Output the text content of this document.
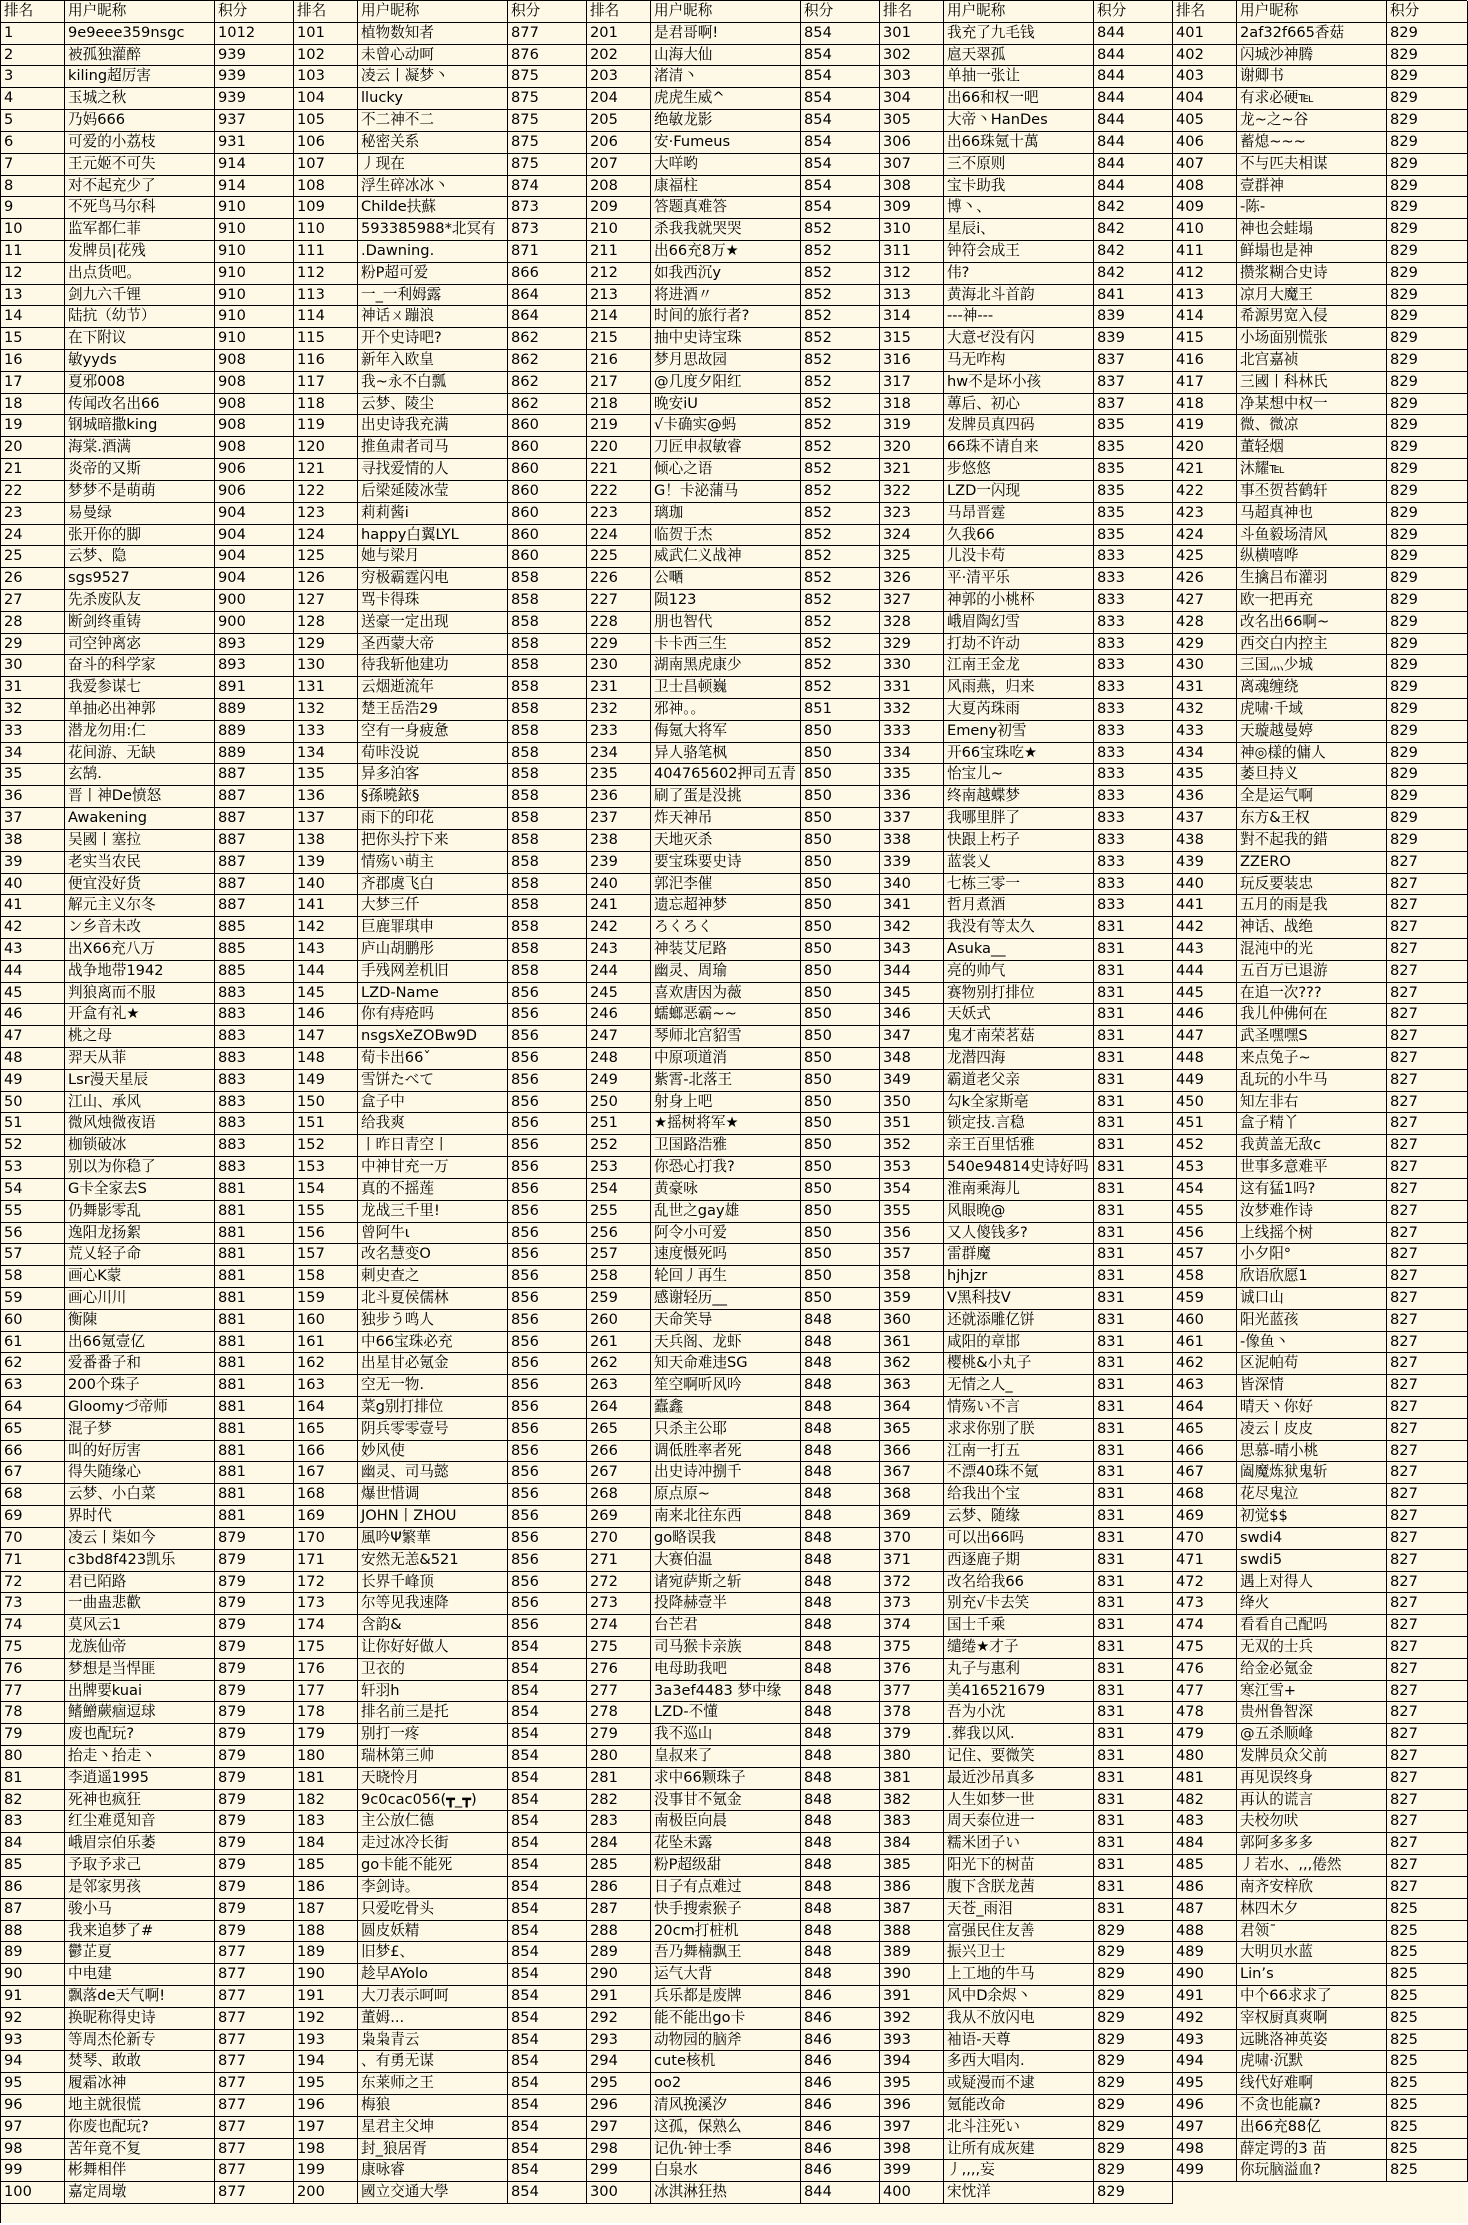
排名	用户昵称	积分
1	9e9eee359nsgc	1012
2	被孤独灌醉	939
3	kiling超厉害	939
4	玉城之秋	939
5	乃妈666	937
6	可爱的小荔枝	931
7	王元姬不可失	914
8	对不起充少了	914
9	不死鸟马尔科	910
10	监军都仁菲	910
11	发牌员|花残	910
12	出点货吧。	910
13	剑九六千锂	910
14	陆抗（幼节）	910
15	在下附议	910
16	敏yyds	908
17	夏邪008	908
18	传闻改名出66	908
19	钢城暗撒king	908
20	海棠.酒满	908
21	炎帝的又斯	906
22	梦梦不是萌萌	906
23	易曼绿	904
24	张开你的脚	904
25	云梦、隐	904
26	sgs9527	904
27	先杀废队友	900
28	断剑终重铸	900
29	司空钟离宓	893
30	奋斗的科学家	893
31	我爱参谋七	891
32	单抽必出神郭	889
33	潜龙勿用:仁	889
34	花间游、无缺	889
35	玄鹄.	887
36	晋丨神De愤怒	887
37	Awakening	887
38	吴國丨塞拉	887
39	老实当农民	887
40	便宜没好货	887
41	解元主义尔冬	887
42	ン乡音未改	885
43	出X66充八万	885
44	战争地带1942	885
45	判狼离而不服	883
46	开盒有礼★	883
47	桃之母	883
48	羿天从菲	883
49	Lsr漫天星辰	883
50	江山、承风	883
51	微风烛微夜语	883
52	枷锁破冰	883
53	别以为你稳了	883
54	G卡全家去S	881
55	仍舞影零乱	881
56	逸阳龙扬絮	881
57	荒乂轻子命	881
58	画心K蒙	881
59	画心川川	881
60	衡陳	881
61	出66氪壹亿	881
62	爱番番子和	881
63	200个珠子	881
64	Gloomyづ帝师	881
65	混子梦	881
66	叫的好厉害	881
67	得失随缘心	881
68	云梦、小白菜	881
69	界时代	881
70	凌云丨柒如今	879
71	c3bd8f423凯乐	879
72	君已陌路	879
73	一曲蛊悲歡	879
74	莫风云1	879
75	龙族仙帝	879
76	梦想是当悍匪	879
77	出牌要kuai	879
78	鳍鱛蕨痼逗球	879
79	废也配玩?	879
80	抬走丶抬走丶	879
81	李逍遥1995	879
82	死神也疯狂	879
83	红尘难觅知音	879
84	峨眉宗伯乐萎	879
85	予取予求己	879
86	是邻家男孩	879
87	骏小马	879
88	我来追梦了#	879
89	鬱芷夏	877
90	中电建	877
91	飘落de天气啊!	877
92	换昵称得史诗	877
93	等周杰伦新专	877
94	焚琴、敢敢	877
95	履霜冰神	877
96	地主就很慌	877
97	你废也配玩?	877
98	苦年竟不复	877
99	彬舞相伴	877
100	嘉定周墩	877
排名	用户昵称	积分
101	植物数知者	877
102	未曾心动呵	876
103	凌云丨凝梦丶	875
104	llucky	875
105	不二神不二	875
106	秘密关系	875
107	丿现在	875
108	浮生碎冰冰丶	874
109	Childe扶蘇	873
110	593385988*北冥有	873
111	.Dawning.	871
112	粉P超可爱	866
113	一_一利姆露	864
114	神话ㄨ蹦浪	864
115	开个史诗吧?	862
116	新年入欧皇	862
117	我~永不白瓢	862
118	云梦、陵尘	862
119	出史诗我充满	860
120	推鱼肃者司马	860
121	寻找爱情的人	860
122	后梁延陵冰莹	860
123	莉莉酱i	860
124	happy白翼LYL	860
125	她与梁月	860
126	穷极霸霆闪电	858
127	骂卡得珠	858
128	送豪一定出现	858
129	圣西蒙大帝	858
130	待我斩他建功	858
131	云烟逝流年	858
132	楚王岳浩29	858
133	空有一身疲惫	858
134	荀咔没说	858
135	异多泊客	858
136	§孫曉銥§	858
137	雨下的印花	858
138	把你头拧下来	858
139	情殇い萌主	858
140	齐郡虞飞白	858
141	大梦三仟	858
142	巨鹿罪琪申	858
143	庐山胡鹏彤	858
144	手残网差机旧	858
145	LZD-Name	856
146	你有痔疮吗	856
147	nsgsXeZOBw9D	856
148	荀卡出66ˇ	856
149	雪饼たべて	856
150	盒子中	856
151	给我爽	856
152	丨昨日青空丨	856
153	中神甘充一万	856
154	真的不摇莲	856
155	龙战三千里!	856
156	曾阿牛ι	856
157	改名慧变O	856
158	刺史查之	856
159	北斗夏侯儒林	856
160	独步う鸣人	856
161	中66宝珠必充	856
162	出星甘必氪金	856
163	空无一物.	856
164	菜g别打排位	856
165	阴兵零零壹号	856
166	妙风使	856
167	幽灵、司马懿	856
168	爆世惜调	856
169	JOHN丨ZHOU	856
170	風吟Ψ繁華	856
171	安然无恙&521	856
172	长界千峰顶	856
173	尔等见我速降	856
174	含韵&	856
175	让你好好做人	854
176	卫衣的	854
177	轩羽h	854
178	排名前三是托	854
179	别打一疼	854
180	瑞林第三帅	854
181	天晓怜月	854
182	9c0cac056(┳_┳)	854
183	主公放仁德	854
184	走过冰冷长街	854
185	go卡能不能死	854
186	李剑诗。	854
187	只爱吃骨头	854
188	圆皮妖精	854
189	旧梦£、	854
190	趁早AYolo	854
191	大刀表示呵呵	854
192	董姆...	854
193	枭枭青云	854
194	、有勇无谋	854
195	东莱师之王	854
196	梅狼	854
197	星君主父坤	854
198	封_狼居胥	854
199	康咏睿	854
200	國立交通大學	854
排名	用户昵称	积分
201	是君哥啊!	854
202	山海大仙	854
203	渚清丶	854
204	虎虎生威^	854
205	绝敏龙影	854
206	安·Fumeus	854
207	大咩哟	854
208	康福柱	854
209	答题真难答	854
210	杀我我就哭哭	852
211	出66充8万★	852
212	如我西沉y	852
213	将进酒〃	852
214	时间的旅行者?	852
215	抽中史诗宝珠	852
216	梦月思故园	852
217	@几度夕阳红	852
218	晚安iU	852
219	√卡确实@蚂	852
220	刀匠申叔敏睿	852
221	倾心之语	852
222	G！卡泌蒲马	852
223	璃珈	852
224	临贺于杰	852
225	威武仁义战神	852
226	公嗮	852
227	陨123	852
228	朋也智代	852
229	卡卡西三生	852
230	湖南黑虎康少	852
231	卫士昌顿巍	852
232	邪神。。	851
233	侮氪大将军	850
234	异人骆笔枫	850
235	404765602押司五青 850
236	刷了蛋是没挑	850
237	炸天神吊	850
238	天地灭杀	850
239	要宝珠要史诗	850
240	郭汜李催	850
241	遗忘超神梦	850
242	ろくろく	850
243	神装艾尼路	850
244	幽灵、周瑜	850
245	喜欢唐因为薇	850
246	蠕螂恶霸~~	850
247	琴师北宫貂雪	850
248	中原项道消	850
249	紫霄-北落王	850
250	射身上吧	850
251	★摇树将军★	850
252	卫国路浩雅	850
253	你恐心打我?	850
254	黄豪咏	850
255	乱世之gay雄	850
256	阿令小可爱	850
257	速度慑死吗	850
258	轮回丿再生	850
259	感谢轻历__	850
260	天命笑导	848
261	天兵阁、龙虾	848
262	知天命难违SG	848
263	笙空啊听风吟	848
264	蠹鑫	848
265	只杀主公耶	848
266	调低胜率者死	848
267	出史诗冲捌千	848
268	原点原~	848
269	南来北往东西	848
270	go略误我	848
271	大赛伯温	848
272	诸宛萨斯之斩	848
273	投降赫壹半	848
274	台芒君	848
275	司马猴卡亲族	848
276	电母助我吧	848
277	3a3ef4483 梦中缘	848
278	LZD-不懂	848
279	我不巡山	848
280	皇叔来了	848
281	求中66颗珠子	848
282	没事甘不氪金	848
283	南极臣向晨	848
284	花坠未露	848
285	粉P超级甜	848
286	日子有点难过	848
287	快手搜索猴子	848
288	20cm打桩机	848
289	吾乃舞楠飘王	848
290	运气大背	848
291	兵乐都是废牌	846
292	能不能出go卡	846
293	动物园的脑斧	846
294	cute核机	846
295	oo2	846
296	清风挽溪汐	846
297	这孤，保熟么	846
298	记仇·钟士季	846
299	白泉水	846
300	冰淇淋狂热	844
排名	用户昵称	积分
301	我充了九毛钱	844
302	扈天翠孤	844
303	单抽一张让	844
304	出66和权一吧	844
305	大帝丶HanDes	844
306	出66珠氪十萬	844
307	三不原则	844
308	宝卡助我	844
309	博丶、	842
310	星辰i、	842
311	钟符会成王	842
312	伟?	842
313	黄海北斗首韵	841
314	---神---	839
315	大意ゼ没有闪	839
316	马无咋构	837
317	hw不是坏小孩	837
318	蓴后、初心	837
319	发牌员真四码	835
320	66珠不请自来	835
321	步悠悠	835
322	LZD一闪现	835
323	马昂晋霆	835
324	久我66	835
325	儿没卡苟	833
326	平·清平乐	833
327	神郭的小桃杯	833
328	峨眉陶幻雪	833
329	打劫不许动	833
330	江南王金龙	833
331	风雨燕，归来	833
332	大夏芮珠雨	833
333	Emeny初雪	833
334	开66宝珠吃★	833
335	怡宝儿~	833
336	终南越蝶梦	833
337	我哪里胖了	833
338	快跟上朽子	833
339	蓝裳乂	833
340	七栋三零一	833
341	哲月煮酒	833
342	我没有等太久	831
343	Asuka__	831
344	亮的帅气	831
345	赛物别打排位	831
346	天妖式	831
347	鬼才南荣茗菇	831
348	龙潜四海	831
349	霸道老父亲	831
350	勾k全家斯亳	831
351	锁定技.言稳	831
352	亲王百里恬雅	831
353	540e94814史诗好吗 831
354	淮南乘海儿	831
355	风眼晚@	831
356	又人傻钱多?	831
357	雷群魔	831
358	hjhjzr	831
359	V黑科技V	831
360	还就添雕亿饼	831
361	咸阳的章邯	831
362	樱桃&小丸子	831
363	无情之人_	831
364	情殇い不言	831
365	求求你别了朕	831
366	江南一打五	831
367	不漂40珠不氪	831
368	给我出个宝	831
369	云梦、随缘	831
370	可以出66吗	831
371	西逐鹿子期	831
372	改名给我66	831
373	别充√卡去笑	831
374	国士千乘	831
375	缱绻★才子	831
376	丸子与惠利	831
377	美416521679	831
378	吾为小沈	831
379	.葬我以风.	831
380	记住、要微笑	831
381	最近沙吊真多	831
382	人生如梦一世	831
383	周天泰位进一	831
384	糯米团子い	831
385	阳光下的树苗	831
386	腹下含朕龙茜	831
387	天苍_雨泪	831
388	富强民住友善	829
389	振兴卫士	829
390	上工地的牛马	829
391	风中D余烬丶	829
392	我从不放闪电	829
393	袖语-天尊	829
394	多西大唱肉.	829
395	或疑漫而不逮	829
396	氪能改命	829
397	北斗注死い	829
398	让所有成灰建	829
399	丿,,,,妄	829
400	宋忱洋	829
排名	用户昵称	积分
401	2af32f665香菇	829
402	闪城沙神腾	829
403	谢卿书	829
404	有求必硬℡	829
405	龙~之~谷	829
406	蓄熄~~~	829
407	不与匹夫相谋	829
408	壹群神	829
409	-陈-	829
410	神也会蛙塌	829
411	鲜塌也是神	829
412	攒浆糊合史诗	829
413	凉月大魔王	829
414	希源男宽入侵	829
415	小场面别慌张	829
416	北宫嘉祯	829
417	三國丨科林氏	829
418	净某想中权一	829
419	微、微凉	829
420	董轻烟	829
421	沐耀℡	829
422	事丕贺苔鹤轩	829
423	马超真神也	829
424	斗鱼毅场清风	829
425	纵横嘻哗	829
426	生擒吕布灌羽	829
427	欧一把再充	829
428	改名出66啊~	829
429	西交白内控主	829
430	三国灬少城	829
431	离魂缠绕	829
432	虎啸·千域	829
433	天璇越曼婷	829
434	神◎樣的傭人	829
435	萎旦持义	829
436	全是运气啊	829
437	东方&王权	829
438	對不起我的錯	829
439	ZZERO	827
440	玩反要装忠	827
441	五月的雨是我	827
442	神话、战绝	827
443	混沌中的光	827
444	五百万已退游	827
445	在追一次???	827
446	我儿仲佛何在	827
447	武圣嘿嘿S	827
448	来点兔子~	827
449	乱玩的小牛马	827
450	知左非右	827
451	盒子精丫	827
452	我黄盖无敌c	827
453	世事多意难平	827
454	这有猛1吗?	827
455	汝梦难作诗	827
456	上线摇个树	827
457	小夕阳°	827
458	欣语欣愿1	827
459	诚口山	827
460	阳光蓝孩	827
461	-像鱼丶	827
462	区泥帕苟	827
463	皆深情	827
464	晴天丶你好	827
465	凌云丨皮皮	827
466	思慕-晴小桃	827
467	阖魔炼狱鬼斩	827
468	花尽鬼泣	827
469	初觉$$	827
470	swdi4	827
471	swdi5	827
472	遇上对得人	827
473	绛火	827
474	看看自己配吗	827
475	无双的士兵	827
476	给金必氪金	827
477	寒江雪+	827
478	贵州鲁智深	827
479	@五杀顺峰	827
480	发牌员众父前	827
481	再见误终身	827
482	再认的谎言	827
483	夫校勿吠	827
484	郭阿多多多	827
485	丿若水、,,,倦然	827
486	南齐安梓欣	827
487	林四木夕	825
488	君领ˉ	825
489	大明贝水蓝	825
490	Lin’s	825
491	中个66求求了	825
492	宰权厨真爽啊	825
493	远眺洛神英姿	825
494	虎啸·沉默	825
495	线代好难啊	825
496	不贪也能赢?	825
497	出66充88亿	825
498	薛定谔的3 苗	825
499	你玩脑溢血?	825
